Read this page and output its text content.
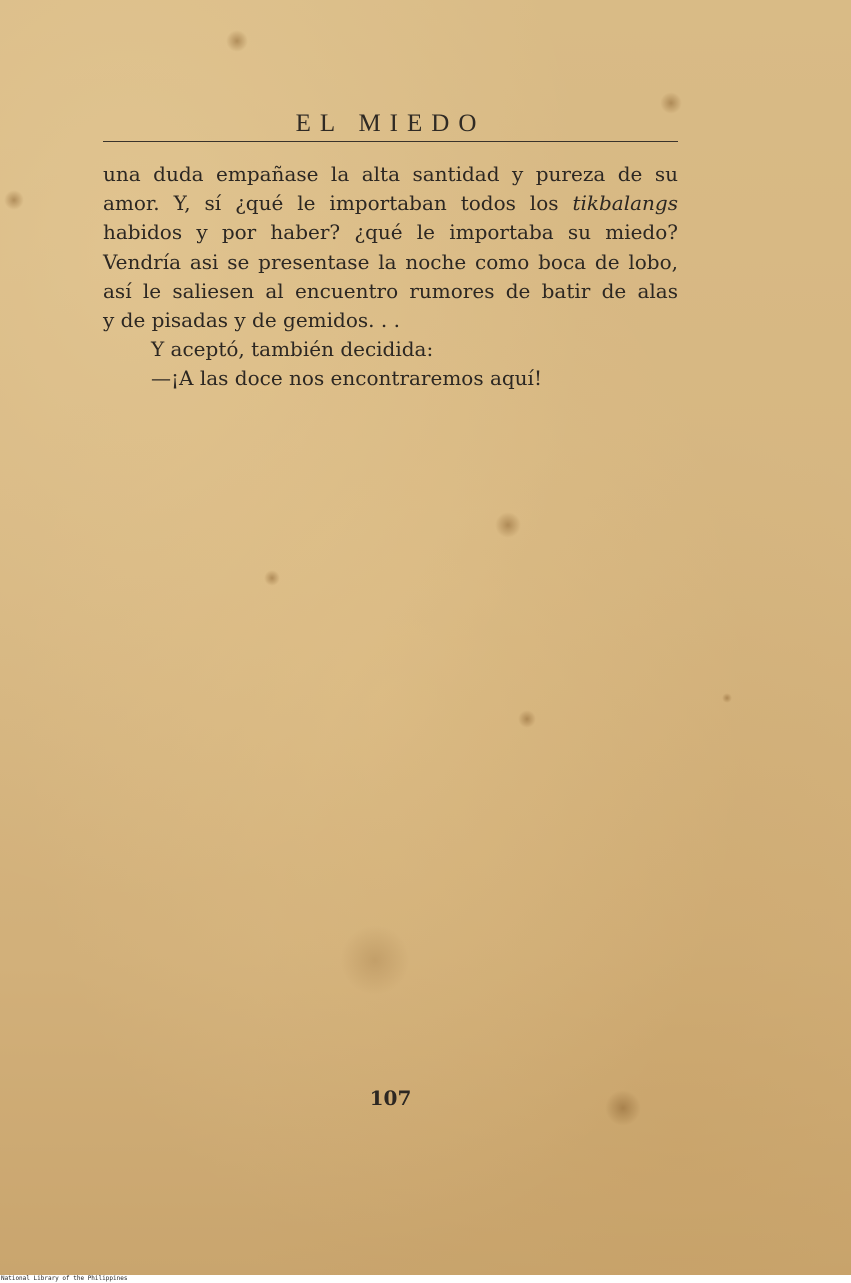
EL MIEDO
una duda empañase la alta santidad y pureza de su
amor. Y, sí ¿qué le importaban todos los tikbalangs
habidos y por haber? ¿qué le importaba su miedo?
Vendría asi se presentase la noche como boca de lobo,
así le saliesen al encuentro rumores de batir de alas
y de pisadas y de gemidos. . .
Y aceptó, también decidida:
—¡A las doce nos encontraremos aquí!
107
National Library of the Philippines
